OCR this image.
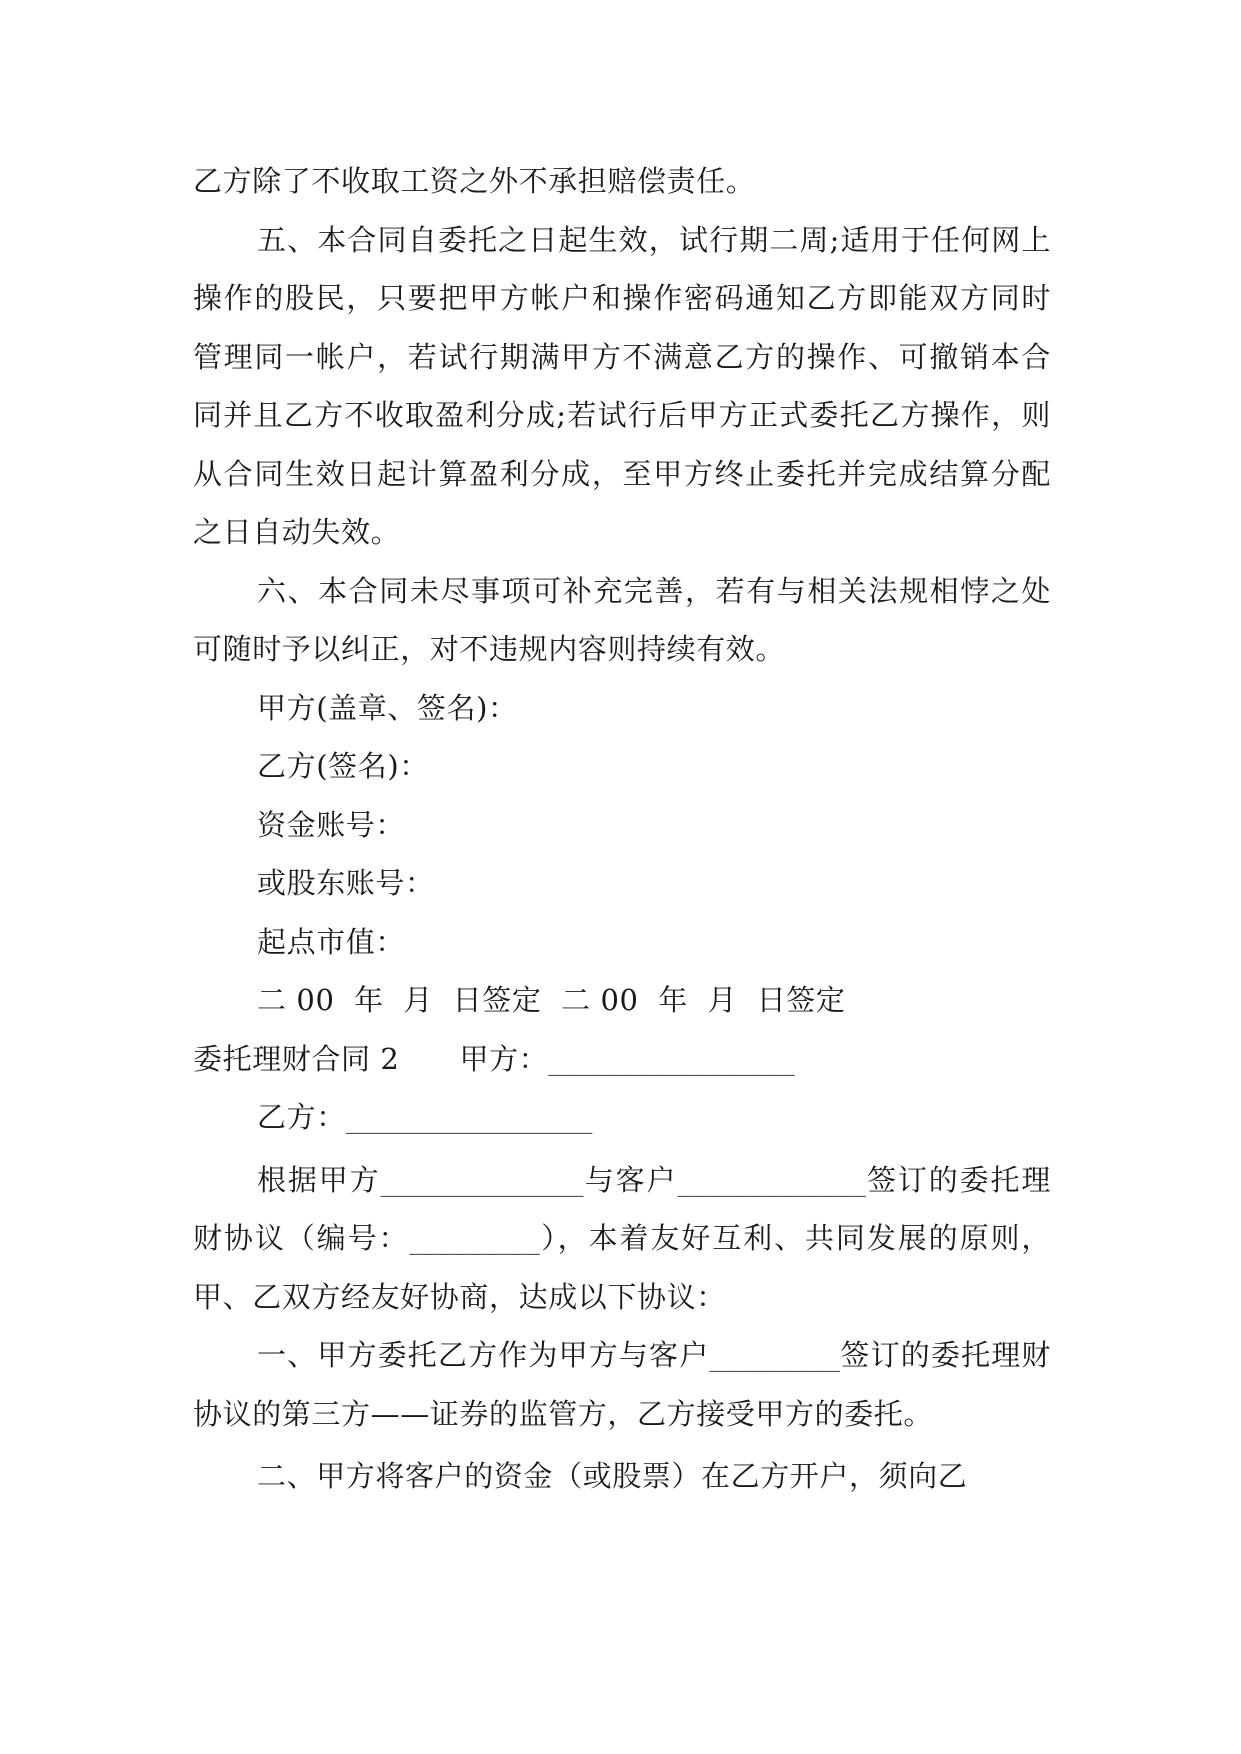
乙方除了不收取工资之外不承担赔偿责任。

五、本合同自委托之日起生效，试行期二周;适用于任何网上操作的股民，只要把甲方帐户和操作密码通知乙方即能双方同时管理同一帐户，若试行期满甲方不满意乙方的操作、可撤销本合同并且乙方不收取盈利分成;若试行后甲方正式委托乙方操作，则从合同生效日起计算盈利分成，至甲方终止委托并完成结算分配之日自动失效。

六、本合同未尽事项可补充完善，若有与相关法规相悖之处可随时予以纠正，对不违规内容则持续有效。

甲方(盖章、签名)：

乙方(签名)：

资金账号：

或股东账号：

起点市值：

二 00  年  月  日签定  二 00  年  月  日签定

委托理财合同 2 甲方：_________________

乙方：_________________

根据甲方______________与客户_____________签订的委托理财协议（编号：_________），本着友好互利、共同发展的原则，甲、乙双方经友好协商，达成以下协议：

一、甲方委托乙方作为甲方与客户_________签订的委托理财协议的第三方——证券的监管方，乙方接受甲方的委托。

二、甲方将客户的资金（或股票）在乙方开户，须向乙
